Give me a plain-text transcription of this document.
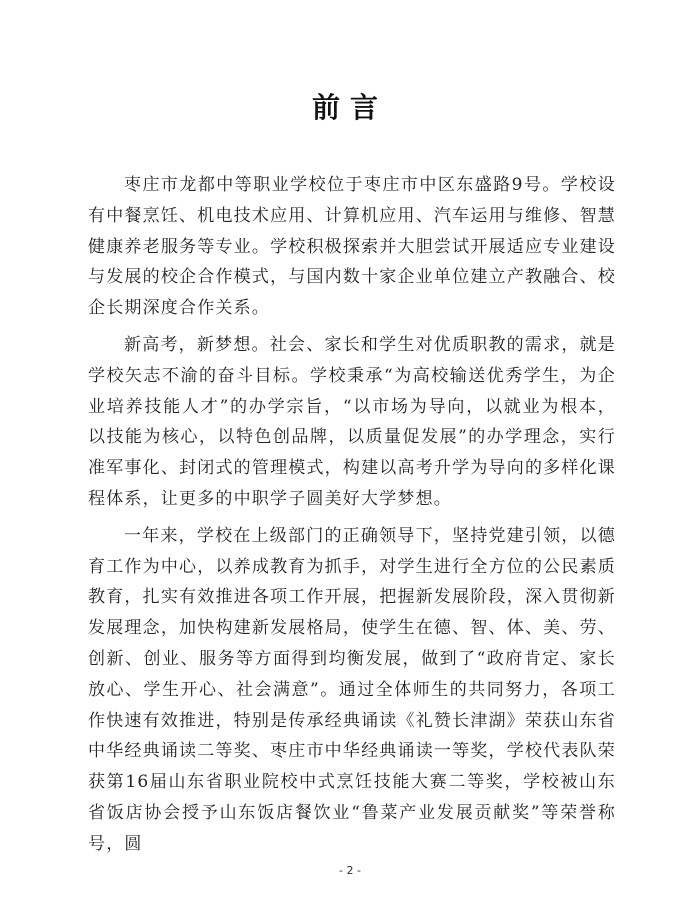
前言

枣庄市龙都中等职业学校位于枣庄市中区东盛路9号。学校设有中餐烹饪、机电技术应用、计算机应用、汽车运用与维修、智慧健康养老服务等专业。学校积极探索并大胆尝试开展适应专业建设与发展的校企合作模式，与国内数十家企业单位建立产教融合、校企长期深度合作关系。

新高考，新梦想。社会、家长和学生对优质职教的需求，就是学校矢志不渝的奋斗目标。学校秉承“为高校输送优秀学生，为企业培养技能人才”的办学宗旨，“以市场为导向，以就业为根本，以技能为核心，以特色创品牌，以质量促发展”的办学理念，实行准军事化、封闭式的管理模式，构建以高考升学为导向的多样化课程体系，让更多的中职学子圆美好大学梦想。

一年来，学校在上级部门的正确领导下，坚持党建引领，以德育工作为中心，以养成教育为抓手，对学生进行全方位的公民素质教育，扎实有效推进各项工作开展，把握新发展阶段，深入贯彻新发展理念，加快构建新发展格局，使学生在德、智、体、美、劳、创新、创业、服务等方面得到均衡发展，做到了“政府肯定、家长放心、学生开心、社会满意”。通过全体师生的共同努力，各项工作快速有效推进，特别是传承经典诵读《礼赞长津湖》荣获山东省中华经典诵读二等奖、枣庄市中华经典诵读一等奖，学校代表队荣获第16届山东省职业院校中式烹饪技能大赛二等奖，学校被山东省饭店协会授予山东饭店餐饮业“鲁菜产业发展贡献奖”等荣誉称号，圆

- 2 -
